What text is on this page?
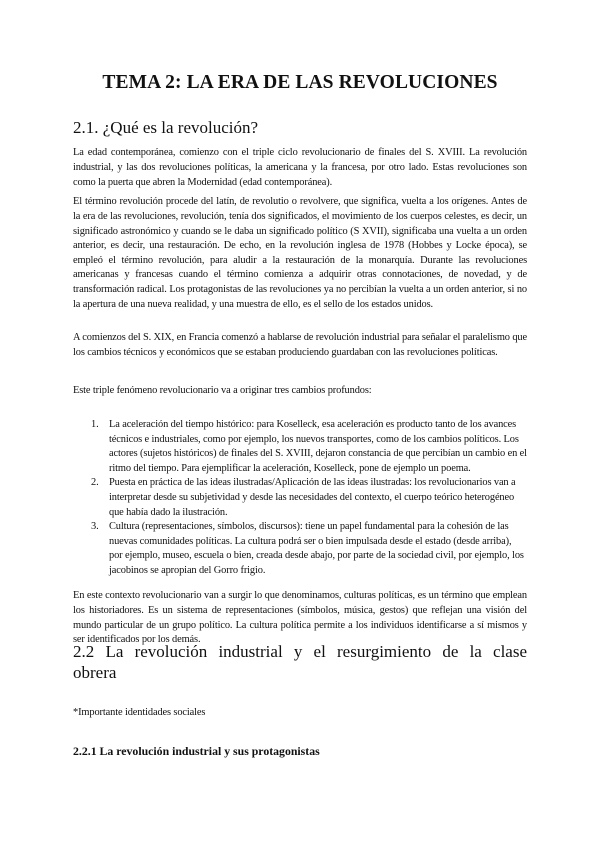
TEMA 2: LA ERA DE LAS REVOLUCIONES
2.1. ¿Qué es la revolución?

La edad contemporánea, comienzo con el triple ciclo revolucionario de finales del S. XVIII. La revolución industrial, y las dos revoluciones políticas, la americana y la francesa, por otro lado. Estas revoluciones son como la puerta que abren la Modernidad (edad contemporánea).

El término revolución procede del latín, de revolutio o revolvere, que significa, vuelta a los orígenes. Antes de la era de las revoluciones, revolución, tenía dos significados, el movimiento de los cuerpos celestes, es decir, un significado astronómico y cuando se le daba un significado político (S XVII), significaba una vuelta a un orden anterior, es decir, una restauración. De echo, en la revolución inglesa de 1978 (Hobbes y Locke época), se empleó el término revolución, para aludir a la restauración de la monarquía. Durante las revoluciones americanas y francesas cuando el término comienza a adquirir otras connotaciones, de novedad, y de transformación radical. Los protagonistas de las revoluciones ya no percibían la vuelta a un orden anterior, si no la apertura de una nueva realidad, y una muestra de ello, es el sello de los estados unidos.

A comienzos del S. XIX, en Francia comenzó a hablarse de revolución industrial para señalar el paralelismo que los cambios técnicos y económicos que se estaban produciendo guardaban con las revoluciones políticas.

Este triple fenómeno revolucionario va a originar tres cambios profundos:

1. La aceleración del tiempo histórico: para Koselleck, esa aceleración es producto tanto de los avances técnicos e industriales, como por ejemplo, los nuevos transportes, como de los cambios políticos. Los actores (sujetos históricos) de finales del S. XVIII, dejaron constancia de que percibían un cambio en el ritmo del tiempo. Para ejemplificar la aceleración, Koselleck, pone de ejemplo un poema.
2. Puesta en práctica de las ideas ilustradas/Aplicación de las ideas ilustradas: los revolucionarios van a interpretar desde su subjetividad y desde las necesidades del contexto, el cuerpo teórico heterogéneo que había dado la ilustración.
3. Cultura (representaciones, símbolos, discursos): tiene un papel fundamental para la cohesión de las nuevas comunidades políticas. La cultura podrá ser o bien impulsada desde el estado (desde arriba), por ejemplo, museo, escuela o bien, creada desde abajo, por parte de la sociedad civil, por ejemplo, los jacobinos se apropian del Gorro frigio.

En este contexto revolucionario van a surgir lo que denominamos, culturas políticas, es un término que emplean los historiadores. Es un sistema de representaciones (símbolos, música, gestos) que reflejan una visión del mundo particular de un grupo político. La cultura política permite a los individuos identificarse a sí mismos y ser identificados por los demás.

2.2 La revolución industrial y el resurgimiento de la clase obrera
*Importante identidades sociales
2.2.1 La revolución industrial y sus protagonistas
